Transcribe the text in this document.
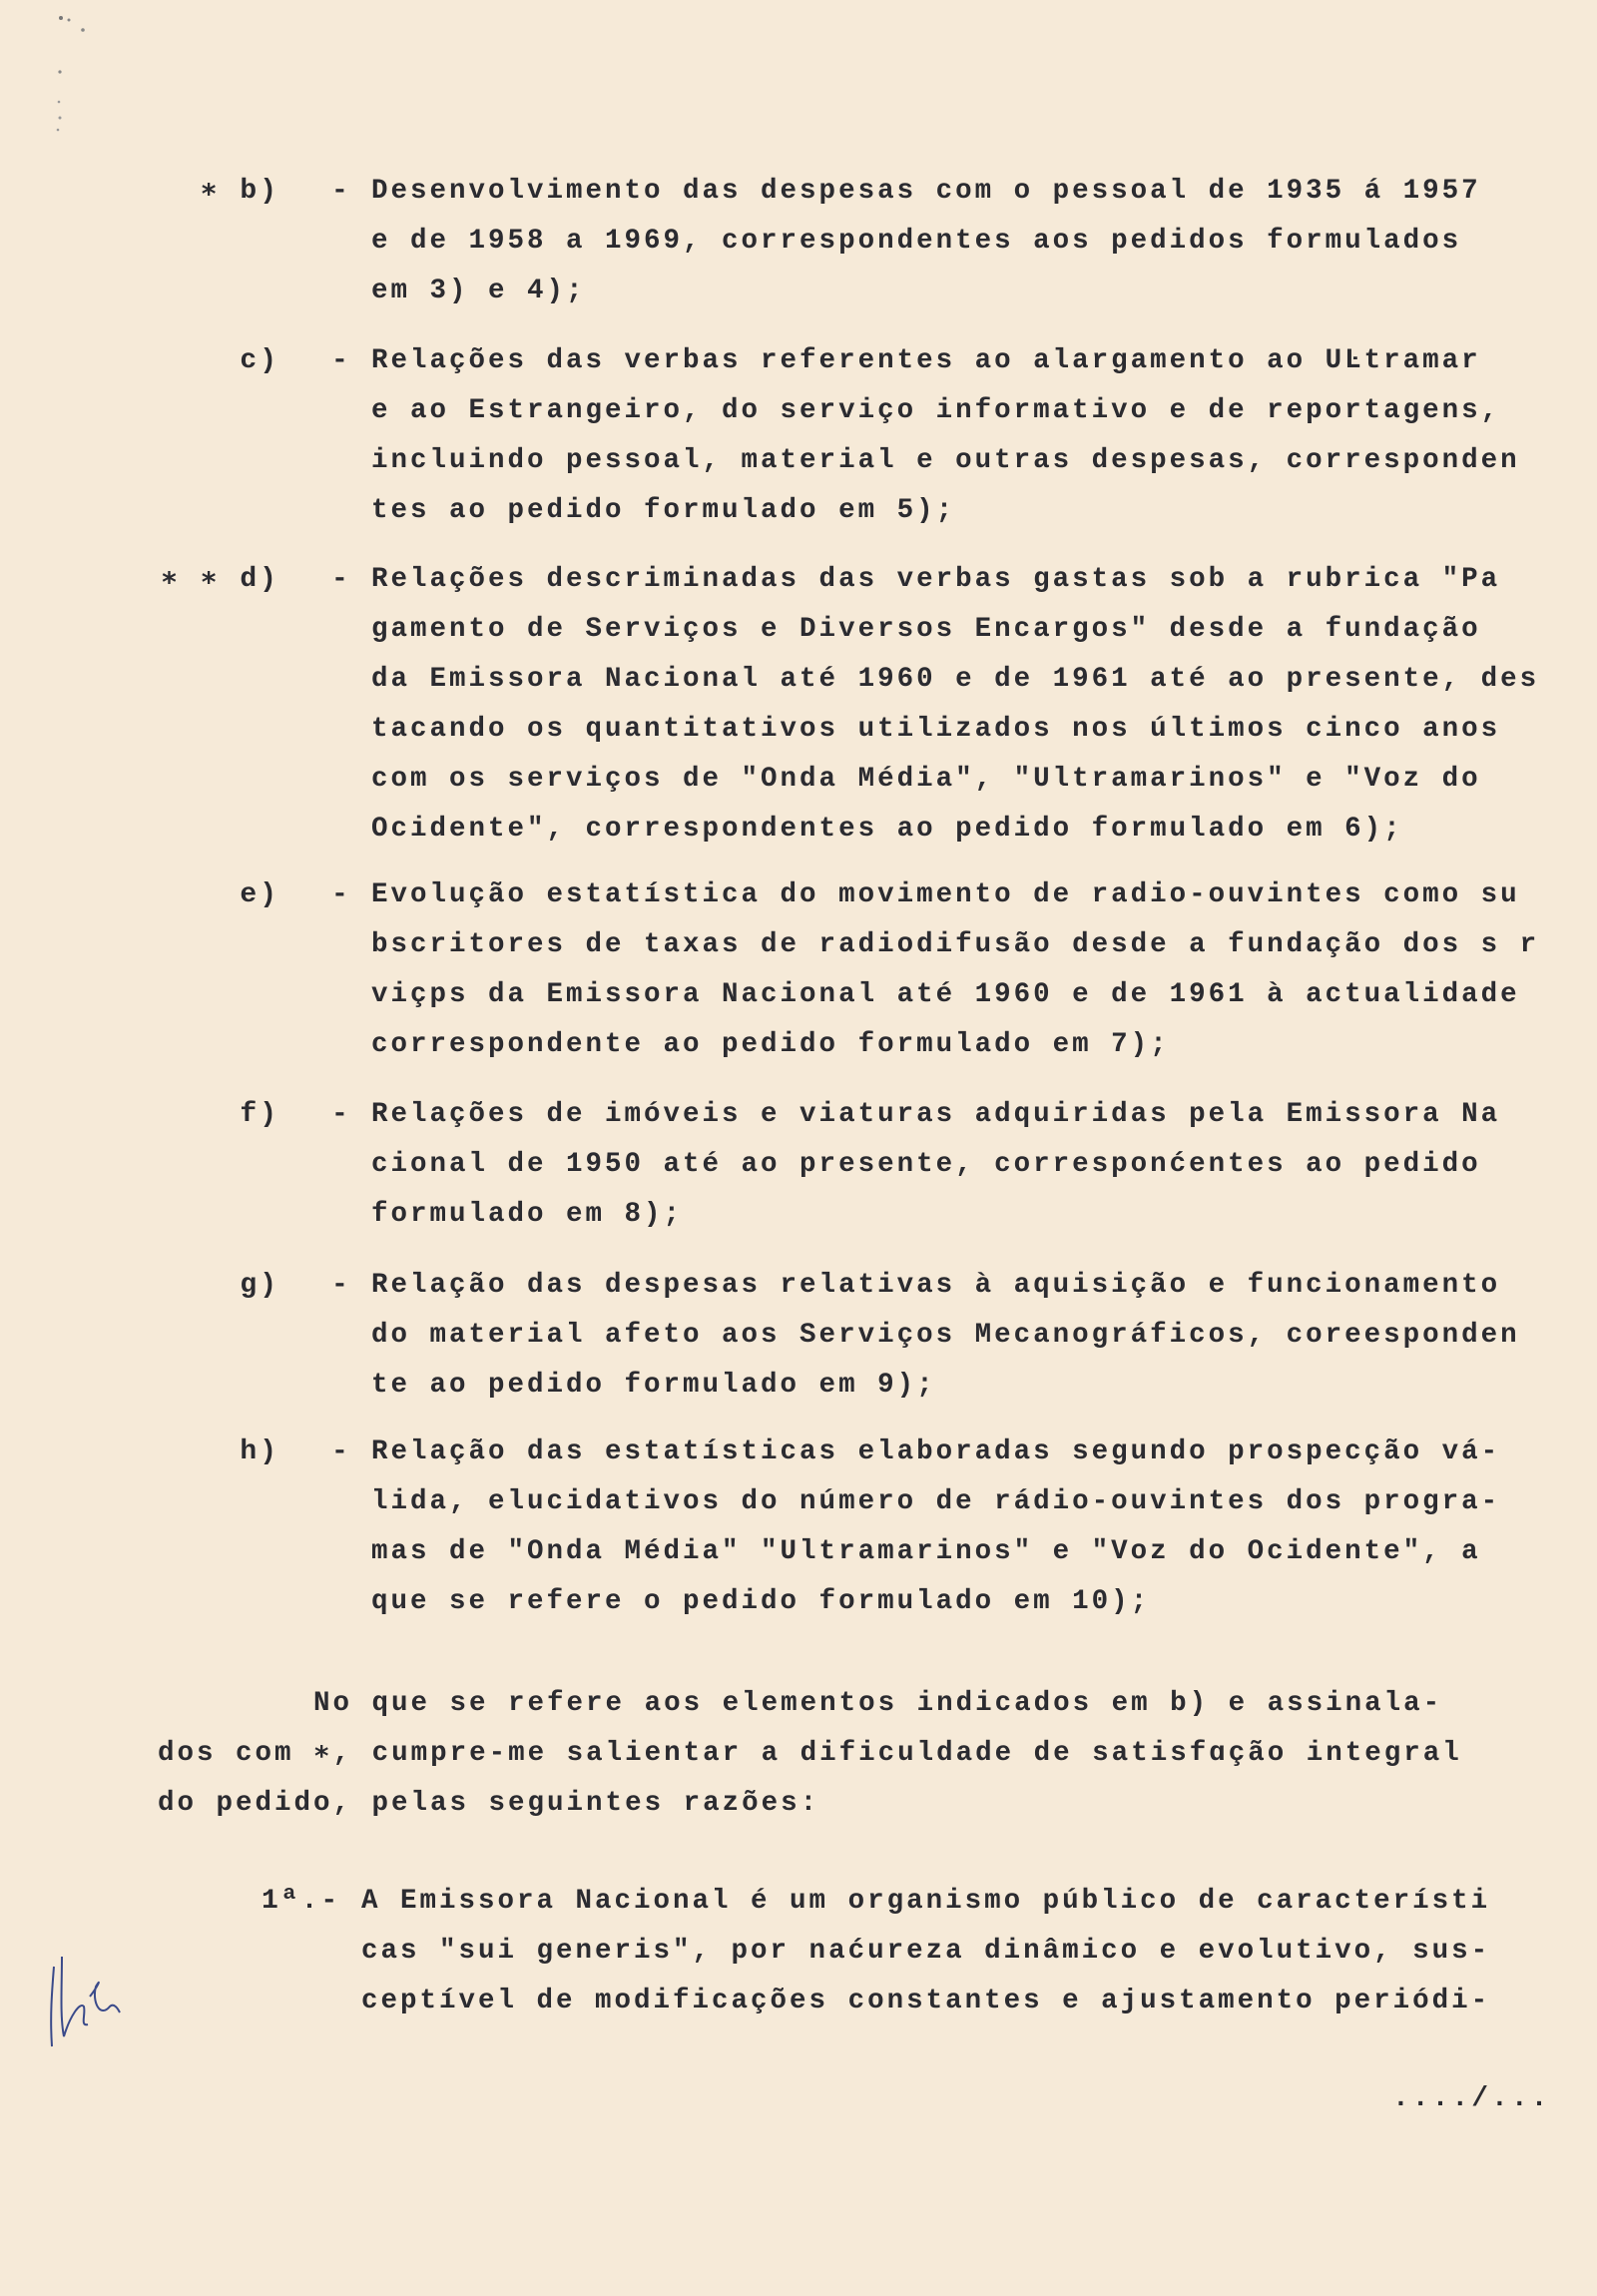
∗ b) - Desenvolvimento das despesas com o pessoal de 1935 á 1957
e de 1958 a 1969, correspondentes aos pedidos formulados
em 3) e 4);
c) - Relações das verbas referentes ao alargamento ao UĿtramar
e ao Estrangeiro, do serviço informativo e de reportagens,
incluindo pessoal, material e outras despesas, corresponden
tes ao pedido formulado em 5);
∗ ∗ d) - Relações descriminadas das verbas gastas sob a rubrica "Pa
gamento de Serviços e Diversos Encargos" desde a fundação
da Emissora Nacional até 1960 e de 1961 até ao presente, des
tacando os quantitativos utilizados nos últimos cinco anos
com os serviços de "Onda Média", "Ultramarinos" e "Voz do
Ocidente", correspondentes ao pedido formulado em 6);
e) - Evolução estatística do movimento de radio-ouvintes como su
bscritores de taxas de radiodifusão desde a fundação dos s r
viçps da Emissora Nacional até 1960 e de 1961 à actualidade
correspondente ao pedido formulado em 7);
f) - Relações de imóveis e viaturas adquiridas pela Emissora Na
cional de 1950 até ao presente, corresponćentes ao pedido
formulado em 8);
g) - Relação das despesas relativas à aquisição e funcionamento
do material afeto aos Serviços Mecanográficos, coreesponden
te ao pedido formulado em 9);
h) - Relação das estatísticas elaboradas segundo prospecção vá-
lida, elucidativos do número de rádio-ouvintes dos progra-
mas de "Onda Média" "Ultramarinos" e "Voz do Ocidente", a
que se refere o pedido formulado em 10);
No que se refere aos elementos indicados em b) e assinala-
dos com ∗, cumpre-me salientar a dificuldade de satisfɑção integral
do pedido, pelas seguintes razões:
1ª.- A Emissora Nacional é um organismo público de característi
cas "sui generis", por naćureza dinâmico e evolutivo, sus-
ceptível de modificações constantes e ajustamento periódi-
..../...
